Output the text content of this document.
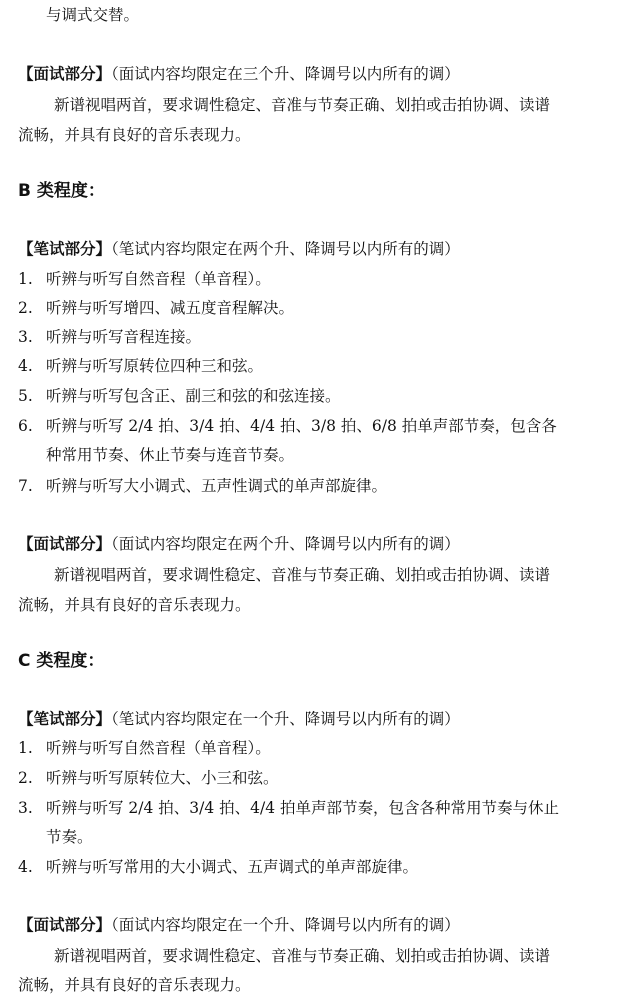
与调式交替。
【面试部分】（面试内容均限定在三个升、降调号以内所有的调）
新谱视唱两首，要求调性稳定、音准与节奏正确、划拍或击拍协调、读谱
流畅，并具有良好的音乐表现力。
B 类程度：
【笔试部分】（笔试内容均限定在两个升、降调号以内所有的调）
1. 听辨与听写自然音程（单音程）。
2. 听辨与听写增四、减五度音程解决。
3. 听辨与听写音程连接。
4. 听辨与听写原转位四种三和弦。
5. 听辨与听写包含正、副三和弦的和弦连接。
6. 听辨与听写 2/4 拍、3/4 拍、4/4 拍、3/8 拍、6/8 拍单声部节奏，包含各
种常用节奏、休止节奏与连音节奏。
7. 听辨与听写大小调式、五声性调式的单声部旋律。
【面试部分】（面试内容均限定在两个升、降调号以内所有的调）
新谱视唱两首，要求调性稳定、音准与节奏正确、划拍或击拍协调、读谱
流畅，并具有良好的音乐表现力。
C 类程度：
【笔试部分】（笔试内容均限定在一个升、降调号以内所有的调）
1. 听辨与听写自然音程（单音程）。
2. 听辨与听写原转位大、小三和弦。
3. 听辨与听写 2/4 拍、3/4 拍、4/4 拍单声部节奏，包含各种常用节奏与休止
节奏。
4. 听辨与听写常用的大小调式、五声调式的单声部旋律。
【面试部分】（面试内容均限定在一个升、降调号以内所有的调）
新谱视唱两首，要求调性稳定、音准与节奏正确、划拍或击拍协调、读谱
流畅，并具有良好的音乐表现力。
